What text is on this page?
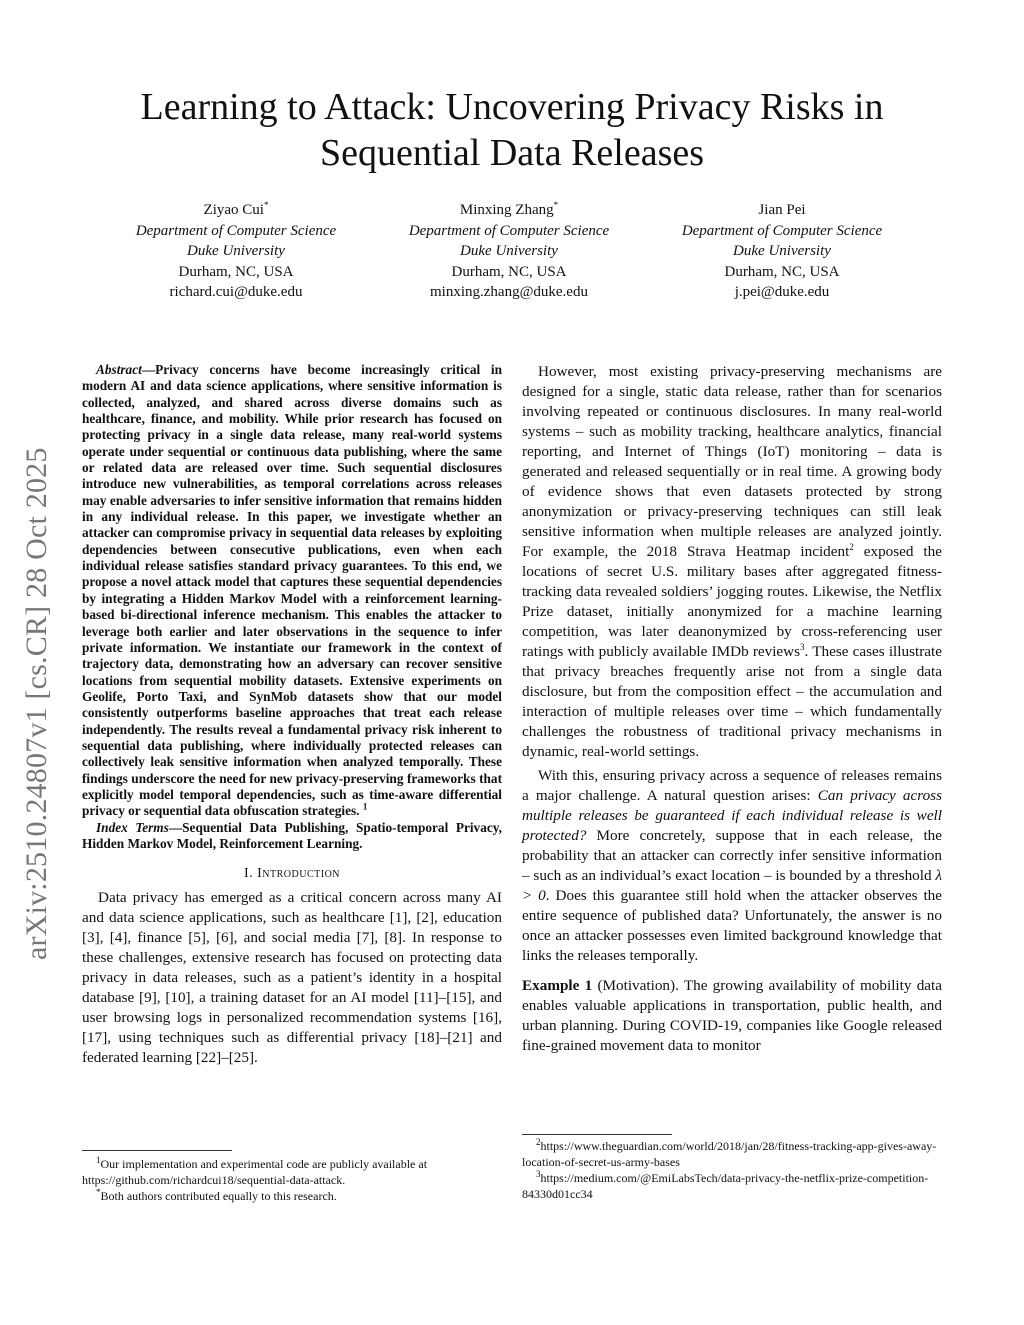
Learning to Attack: Uncovering Privacy Risks in Sequential Data Releases
Ziyao Cui*
Department of Computer Science
Duke University
Durham, NC, USA
richard.cui@duke.edu
Minxing Zhang*
Department of Computer Science
Duke University
Durham, NC, USA
minxing.zhang@duke.edu
Jian Pei
Department of Computer Science
Duke University
Durham, NC, USA
j.pei@duke.edu
arXiv:2510.24807v1 [cs.CR] 28 Oct 2025

Abstract—Privacy concerns have become increasingly critical in modern AI and data science applications, where sensitive information is collected, analyzed, and shared across diverse domains such as healthcare, finance, and mobility. While prior research has focused on protecting privacy in a single data release, many real-world systems operate under sequential or continuous data publishing, where the same or related data are released over time. Such sequential disclosures introduce new vulnerabilities, as temporal correlations across releases may enable adversaries to infer sensitive information that remains hidden in any individual release. In this paper, we investigate whether an attacker can compromise privacy in sequential data releases by exploiting dependencies between consecutive publications, even when each individual release satisfies standard privacy guarantees. To this end, we propose a novel attack model that captures these sequential dependencies by integrating a Hidden Markov Model with a reinforcement learning-based bi-directional inference mechanism. This enables the attacker to leverage both earlier and later observations in the sequence to infer private information. We instantiate our framework in the context of trajectory data, demonstrating how an adversary can recover sensitive locations from sequential mobility datasets. Extensive experiments on Geolife, Porto Taxi, and SynMob datasets show that our model consistently outperforms baseline approaches that treat each release independently. The results reveal a fundamental privacy risk inherent to sequential data publishing, where individually protected releases can collectively leak sensitive information when analyzed temporally. These findings underscore the need for new privacy-preserving frameworks that explicitly model temporal dependencies, such as time-aware differential privacy or sequential data obfuscation strategies. $^1$

Index Terms—Sequential Data Publishing, Spatio-temporal Privacy, Hidden Markov Model, Reinforcement Learning.

I. Introduction

Data privacy has emerged as a critical concern across many AI and data science applications, such as healthcare [1], [2], education [3], [4], finance [5], [6], and social media [7], [8]. In response to these challenges, extensive research has focused on protecting data privacy in data releases, such as a patient’s identity in a hospital database [9], [10], a training dataset for an AI model [11]–[15], and user browsing logs in personalized recommendation systems [16], [17], using techniques such as differential privacy [18]–[21] and federated learning [22]–[25].

$^1$Our implementation and experimental code are publicly available at https://github.com/richardcui18/sequential-data-attack.

*Both authors contributed equally to this research.

However, most existing privacy-preserving mechanisms are designed for a single, static data release, rather than for scenarios involving repeated or continuous disclosures. In many real-world systems – such as mobility tracking, healthcare analytics, financial reporting, and Internet of Things (IoT) monitoring – data is generated and released sequentially or in real time. A growing body of evidence shows that even datasets protected by strong anonymization or privacy-preserving techniques can still leak sensitive information when multiple releases are analyzed jointly. For example, the 2018 Strava Heatmap incident$^2$ exposed the locations of secret U.S. military bases after aggregated fitness-tracking data revealed soldiers’ jogging routes. Likewise, the Netflix Prize dataset, initially anonymized for a machine learning competition, was later deanonymized by cross-referencing user ratings with publicly available IMDb reviews$^3$. These cases illustrate that privacy breaches frequently arise not from a single data disclosure, but from the composition effect – the accumulation and interaction of multiple releases over time – which fundamentally challenges the robustness of traditional privacy mechanisms in dynamic, real-world settings.

With this, ensuring privacy across a sequence of releases remains a major challenge. A natural question arises: Can privacy across multiple releases be guaranteed if each individual release is well protected? More concretely, suppose that in each release, the probability that an attacker can correctly infer sensitive information – such as an individual’s exact location – is bounded by a threshold λ > 0. Does this guarantee still hold when the attacker observes the entire sequence of published data? Unfortunately, the answer is no once an attacker possesses even limited background knowledge that links the releases temporally.

Example 1 (Motivation). The growing availability of mobility data enables valuable applications in transportation, public health, and urban planning. During COVID-19, companies like Google released fine-grained movement data to monitor

$^2$https://www.theguardian.com/world/2018/jan/28/fitness-tracking-app-gives-away-location-of-secret-us-army-bases

$^3$https://medium.com/@EmiLabsTech/data-privacy-the-netflix-prize-competition-84330d01cc34
